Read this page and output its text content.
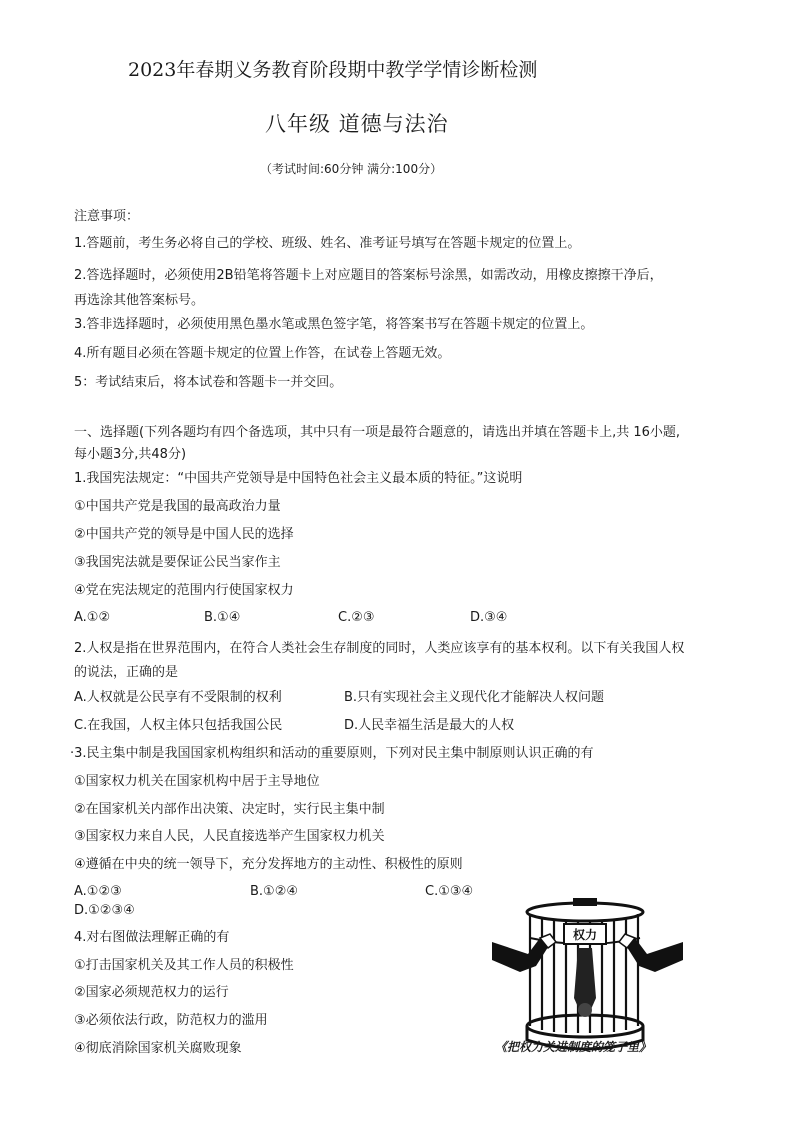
2023年春期义务教育阶段期中教学学情诊断检测
八年级 道德与法治
（考试时间:60分钟 满分:100分）
注意事项：
1.答题前，考生务必将自己的学校、班级、姓名、准考证号填写在答题卡规定的位置上。
2.答选择题时，必须使用2B铅笔将答题卡上对应题目的答案标号涂黑，如需改动，用橡皮擦擦干净后，
再选涂其他答案标号。
3.答非选择题时，必须使用黑色墨水笔或黑色签字笔，将答案书写在答题卡规定的位置上。
4.所有题目必须在答题卡规定的位置上作答，在试卷上答题无效。
5：考试结束后，将本试卷和答题卡一并交回。
一、选择题(下列各题均有四个备选项，其中只有一项是最符合题意的，请选出并填在答题卡上,共 16小题,
每小题3分,共48分)
1.我国宪法规定：“中国共产党领导是中国特色社会主义最本质的特征。”这说明
①中国共产党是我国的最高政治力量
②中国共产党的领导是中国人民的选择
③我国宪法就是要保证公民当家作主
④党在宪法规定的范围内行使国家权力
A.①②	B.①④	C.②③	D.③④
2.人权是指在世界范围内，在符合人类社会生存制度的同时，人类应该享有的基本权利。以下有关我国人权
的说法，正确的是
A.人权就是公民享有不受限制的权利	B.只有实现社会主义现代化才能解决人权问题
C.在我国，人权主体只包括我国公民	D.人民幸福生活是最大的人权
·3.民主集中制是我国国家机构组织和活动的重要原则，下列对民主集中制原则认识正确的有
①国家权力机关在国家机构中居于主导地位
②在国家机关内部作出决策、决定时，实行民主集中制
③国家权力来自人民，人民直接选举产生国家权力机关
④遵循在中央的统一领导下，充分发挥地方的主动性、积极性的原则
A.①②③	B.①②④	C.①③④
D.①②③④
4.对右图做法理解正确的有
①打击国家机关及其工作人员的积极性
②国家必须规范权力的运行
③必须依法行政，防范权力的滥用
④彻底消除国家机关腐败现象
权力
《把权力关进制度的笼子里》
